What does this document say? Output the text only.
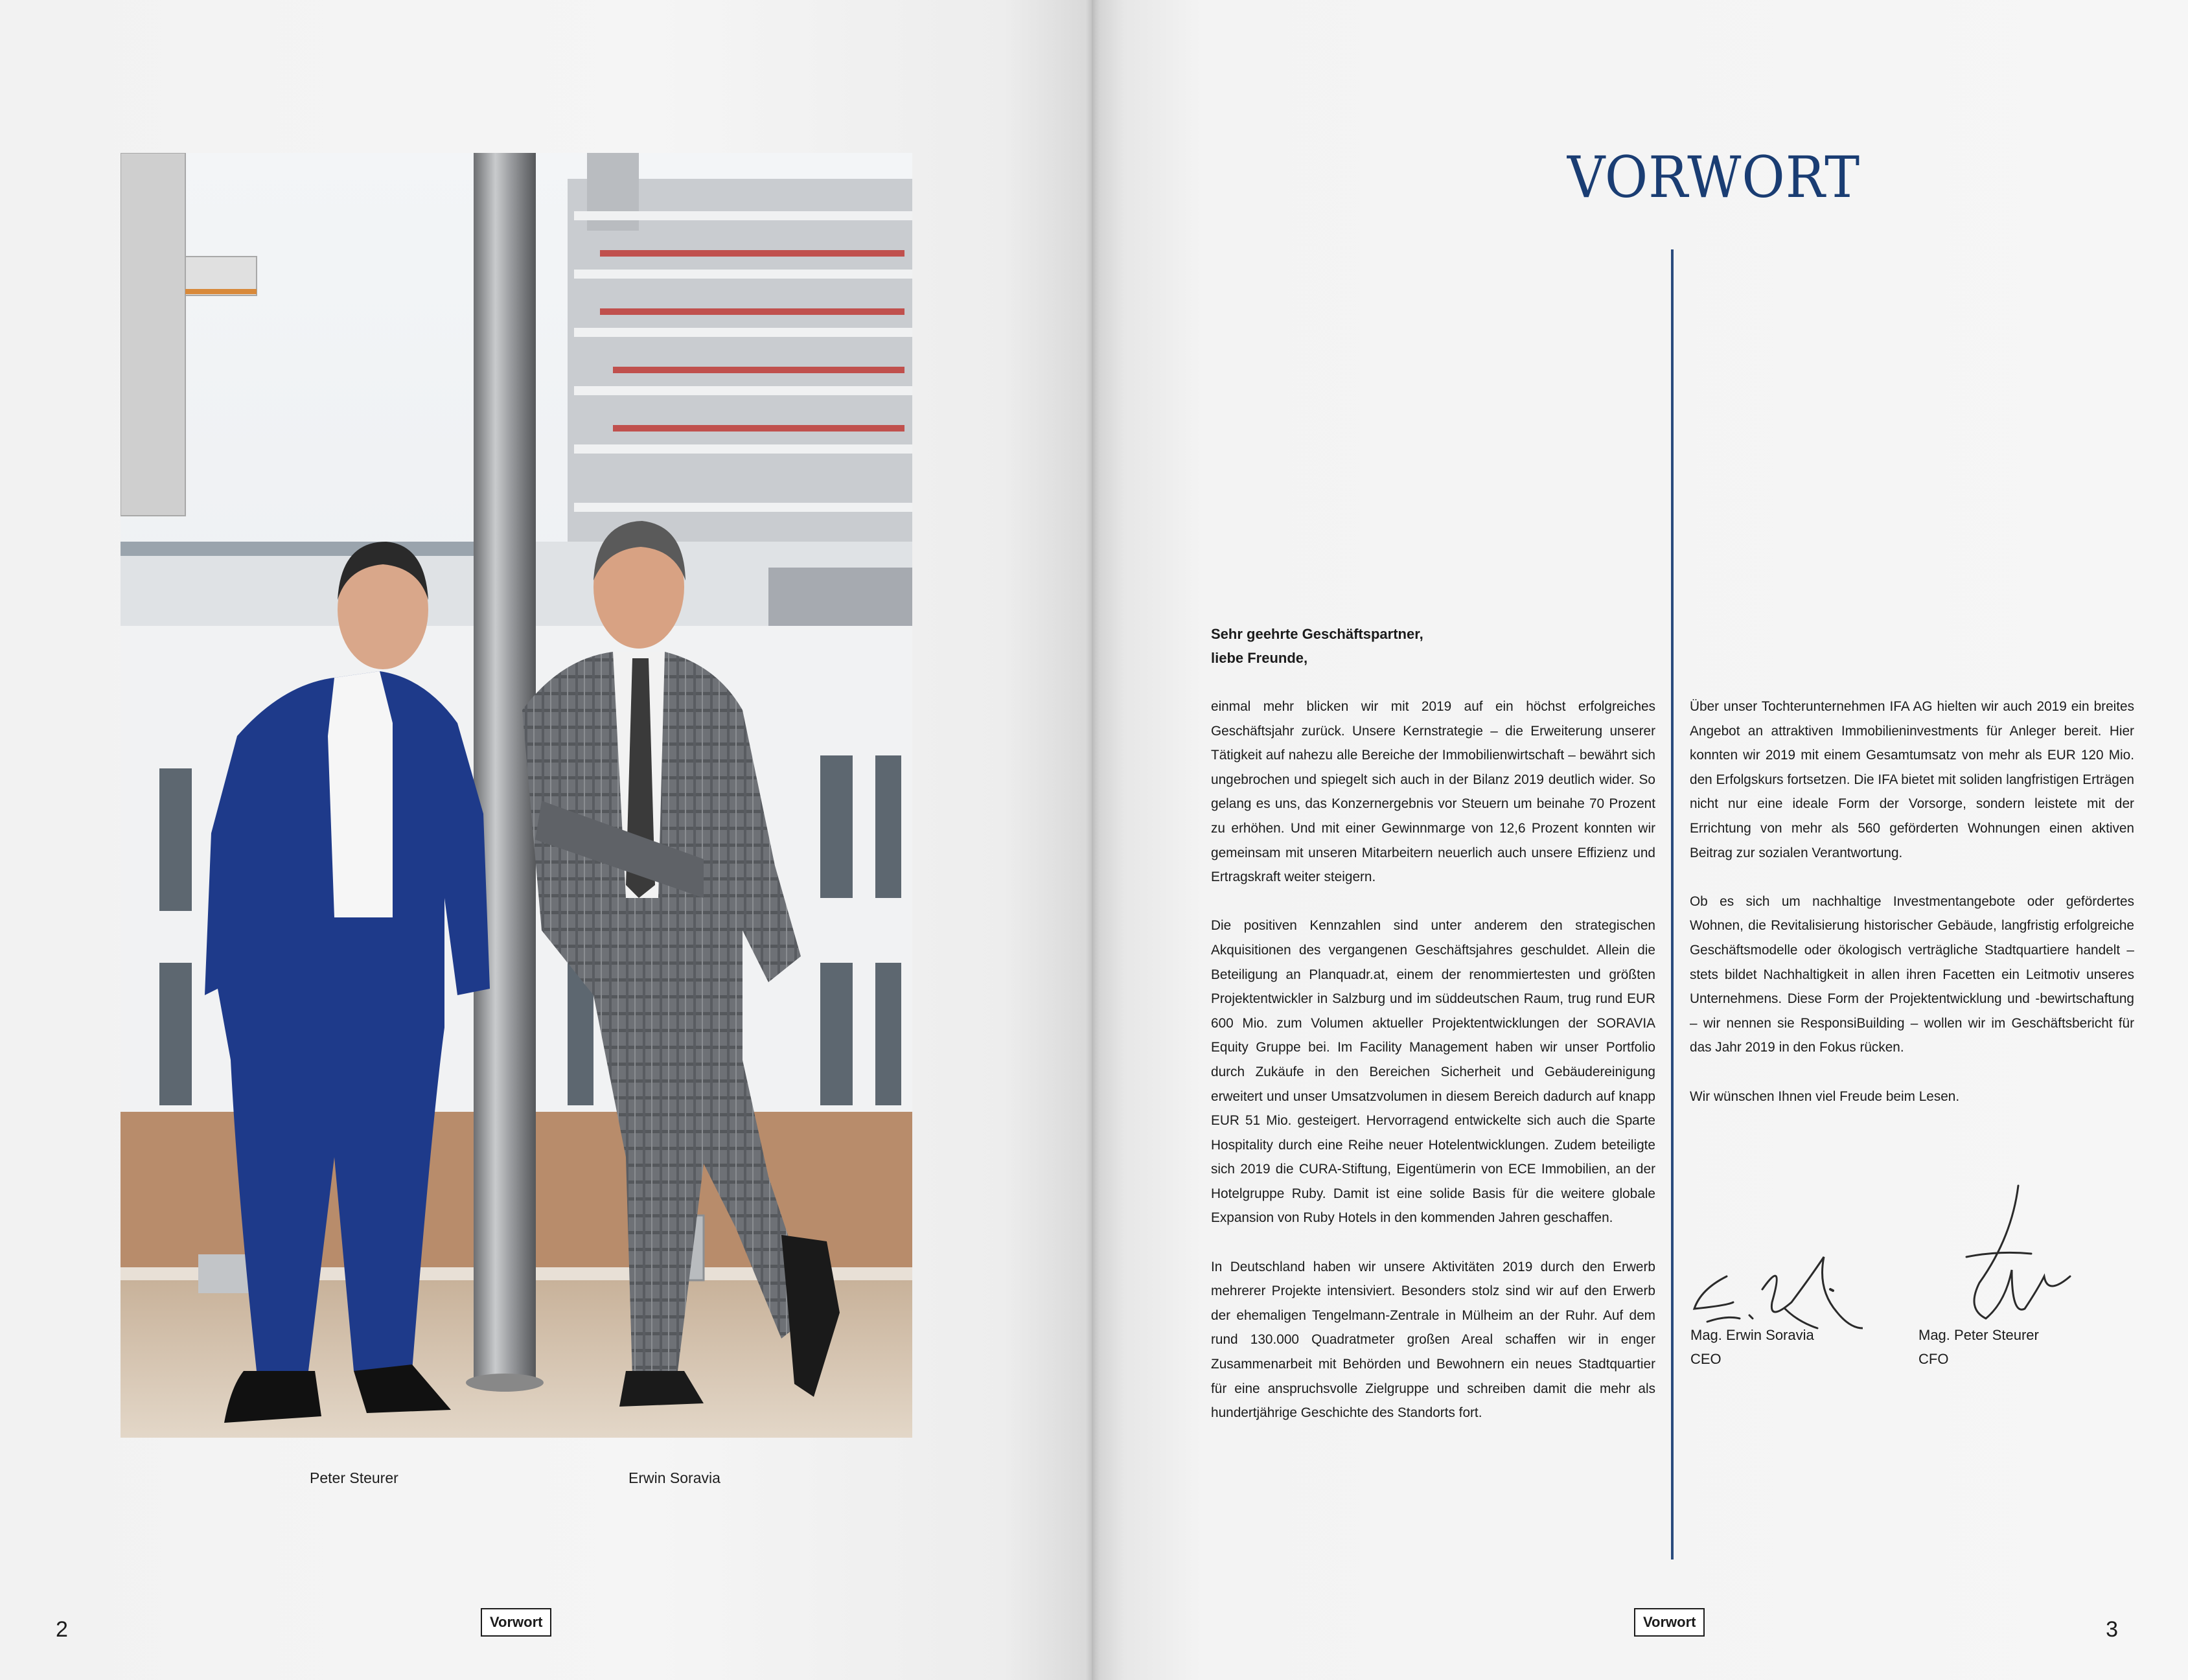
Peter Steurer	Erwin Soravia
2	Vorwort
VORWORT
Sehr geehrte Geschäftspartner,
liebe Freunde,

einmal mehr blicken wir mit 2019 auf ein höchst erfolgreiches Geschäftsjahr zurück. Unsere Kernstrategie – die Erweiterung unserer Tätigkeit auf nahezu alle Bereiche der Immobilienwirtschaft – bewährt sich ungebrochen und spiegelt sich auch in der Bilanz 2019 deutlich wider. So gelang es uns, das Konzernergebnis vor Steuern um beinahe 70 Prozent zu erhöhen. Und mit einer Gewinnmarge von 12,6 Prozent konnten wir gemeinsam mit unseren Mitarbeitern neuerlich auch unsere Effizienz und Ertragskraft weiter steigern.

Die positiven Kennzahlen sind unter anderem den strategischen Akquisitionen des vergangenen Geschäftsjahres geschuldet. Allein die Beteiligung an Planquadr.at, einem der renommiertesten und größten Projektentwickler in Salzburg und im süddeutschen Raum, trug rund EUR 600 Mio. zum Volumen aktueller Projektentwicklungen der SORAVIA Equity Gruppe bei. Im Facility Management haben wir unser Portfolio durch Zukäufe in den Bereichen Sicherheit und Gebäudereinigung erweitert und unser Umsatzvolumen in diesem Bereich dadurch auf knapp EUR 51 Mio. gesteigert. Hervorragend entwickelte sich auch die Sparte Hospitality durch eine Reihe neuer Hotelentwicklungen. Zudem beteiligte sich 2019 die CURA-Stiftung, Eigentümerin von ECE Immobilien, an der Hotelgruppe Ruby. Damit ist eine solide Basis für die weitere globale Expansion von Ruby Hotels in den kommenden Jahren geschaffen.

In Deutschland haben wir unsere Aktivitäten 2019 durch den Erwerb mehrerer Projekte intensiviert. Besonders stolz sind wir auf den Erwerb der ehemaligen Tengelmann-Zentrale in Mülheim an der Ruhr. Auf dem rund 130.000 Quadratmeter großen Areal schaffen wir in enger Zusammenarbeit mit Behörden und Bewohnern ein neues Stadtquartier für eine anspruchsvolle Zielgruppe und schreiben damit die mehr als hundertjährige Geschichte des Standorts fort.

Über unser Tochterunternehmen IFA AG hielten wir auch 2019 ein breites Angebot an attraktiven Immobilieninvestments für Anleger bereit. Hier konnten wir 2019 mit einem Gesamtumsatz von mehr als EUR 120 Mio. den Erfolgskurs fortsetzen. Die IFA bietet mit soliden langfristigen Erträgen nicht nur eine ideale Form der Vorsorge, sondern leistete mit der Errichtung von mehr als 560 geförderten Wohnungen einen aktiven Beitrag zur sozialen Verantwortung.

Ob es sich um nachhaltige Investmentangebote oder gefördertes Wohnen, die Revitalisierung historischer Gebäude, langfristig erfolgreiche Geschäftsmodelle oder ökologisch verträgliche Stadtquartiere handelt – stets bildet Nachhaltigkeit in allen ihren Facetten ein Leitmotiv unseres Unternehmens. Diese Form der Projektentwicklung und -bewirtschaftung – wir nennen sie ResponsiBuilding – wollen wir im Geschäftsbericht für das Jahr 2019 in den Fokus rücken.

Wir wünschen Ihnen viel Freude beim Lesen.

Mag. Erwin Soravia
CEO
Mag. Peter Steurer
CFO
Vorwort	3
